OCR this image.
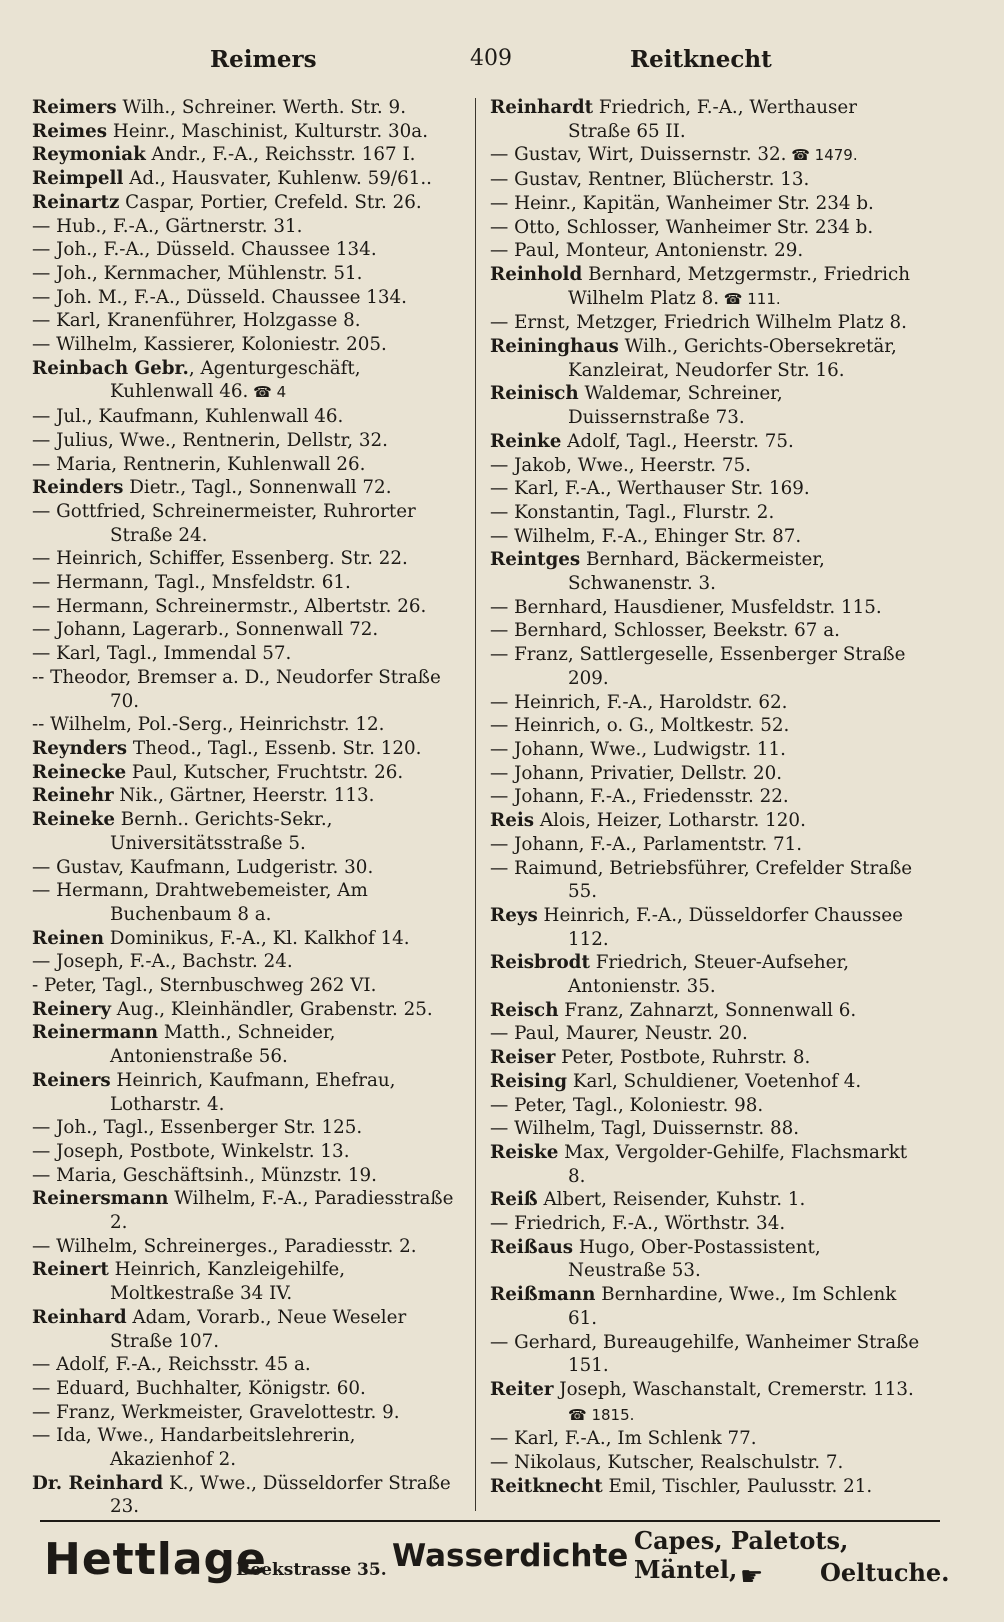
Reimers	409	Reitknecht

Reimers Wilh., Schreiner. Werth. Str. 9.

Reimes Heinr., Maschinist, Kulturstr. 30a.

Reymoniak Andr., F.-A., Reichsstr. 167 I.

Reimpell Ad., Hausvater, Kuhlenw. 59/61..

Reinartz Caspar, Portier, Crefeld. Str. 26.

— Hub., F.-A., Gärtnerstr. 31.

— Joh., F.-A., Düsseld. Chaussee 134.

— Joh., Kernmacher, Mühlenstr. 51.

— Joh. M., F.-A., Düsseld. Chaussee 134.

— Karl, Kranenführer, Holzgasse 8.

— Wilhelm, Kassierer, Koloniestr. 205.

Reinbach Gebr., Agenturgeschäft, Kuhlenwall 46. ☎ 4

— Jul., Kaufmann, Kuhlenwall 46.

— Julius, Wwe., Rentnerin, Dellstr, 32.

— Maria, Rentnerin, Kuhlenwall 26.

Reinders Dietr., Tagl., Sonnenwall 72.

— Gottfried, Schreinermeister, Ruhrorter Straße 24.

— Heinrich, Schiffer, Essenberg. Str. 22.

— Hermann, Tagl., Mnsfeldstr. 61.

— Hermann, Schreinermstr., Albertstr. 26.

— Johann, Lagerarb., Sonnenwall 72.

— Karl, Tagl., Immendal 57.

-- Theodor, Bremser a. D., Neudorfer Straße 70.

-- Wilhelm, Pol.-Serg., Heinrichstr. 12.

Reynders Theod., Tagl., Essenb. Str. 120.

Reinecke Paul, Kutscher, Fruchtstr. 26.

Reinehr Nik., Gärtner, Heerstr. 113.

Reineke Bernh.. Gerichts-Sekr., Universitätsstraße 5.

— Gustav, Kaufmann, Ludgeristr. 30.

— Hermann, Drahtwebemeister, Am Buchenbaum 8 a.

Reinen Dominikus, F.-A., Kl. Kalkhof 14.

— Joseph, F.-A., Bachstr. 24.

- Peter, Tagl., Sternbuschweg 262 VI.

Reinery Aug., Kleinhändler, Grabenstr. 25.

Reinermann Matth., Schneider, Antonienstraße 56.

Reiners Heinrich, Kaufmann, Ehefrau, Lotharstr. 4.

— Joh., Tagl., Essenberger Str. 125.

— Joseph, Postbote, Winkelstr. 13.

— Maria, Geschäftsinh., Münzstr. 19.

Reinersmann Wilhelm, F.-A., Paradiesstraße 2.

— Wilhelm, Schreinerges., Paradiesstr. 2.

Reinert Heinrich, Kanzleigehilfe, Moltkestraße 34 IV.

Reinhard Adam, Vorarb., Neue Weseler Straße 107.

— Adolf, F.-A., Reichsstr. 45 a.

— Eduard, Buchhalter, Königstr. 60.

— Franz, Werkmeister, Gravelottestr. 9.

— Ida, Wwe., Handarbeitslehrerin, Akazienhof 2.

Dr. Reinhard K., Wwe., Düsseldorfer Straße 23.

Reinhardt Friedrich, F.-A., Werthauser Straße 65 II.

— Gustav, Wirt, Duissernstr. 32. ☎ 1479.

— Gustav, Rentner, Blücherstr. 13.

— Heinr., Kapitän, Wanheimer Str. 234 b.

— Otto, Schlosser, Wanheimer Str. 234 b.

— Paul, Monteur, Antonienstr. 29.

Reinhold Bernhard, Metzgermstr., Friedrich Wilhelm Platz 8. ☎ 111.

— Ernst, Metzger, Friedrich Wilhelm Platz 8.

Reininghaus Wilh., Gerichts-Obersekretär, Kanzleirat, Neudorfer Str. 16.

Reinisch Waldemar, Schreiner, Duissernstraße 73.

Reinke Adolf, Tagl., Heerstr. 75.

— Jakob, Wwe., Heerstr. 75.

— Karl, F.-A., Werthauser Str. 169.

— Konstantin, Tagl., Flurstr. 2.

— Wilhelm, F.-A., Ehinger Str. 87.

Reintges Bernhard, Bäckermeister, Schwanenstr. 3.

— Bernhard, Hausdiener, Musfeldstr. 115.

— Bernhard, Schlosser, Beekstr. 67 a.

— Franz, Sattlergeselle, Essenberger Straße 209.

— Heinrich, F.-A., Haroldstr. 62.

— Heinrich, o. G., Moltkestr. 52.

— Johann, Wwe., Ludwigstr. 11.

— Johann, Privatier, Dellstr. 20.

— Johann, F.-A., Friedensstr. 22.

Reis Alois, Heizer, Lotharstr. 120.

— Johann, F.-A., Parlamentstr. 71.

— Raimund, Betriebsführer, Crefelder Straße 55.

Reys Heinrich, F.-A., Düsseldorfer Chaussee 112.

Reisbrodt Friedrich, Steuer-Aufseher, Antonienstr. 35.

Reisch Franz, Zahnarzt, Sonnenwall 6.

— Paul, Maurer, Neustr. 20.

Reiser Peter, Postbote, Ruhrstr. 8.

Reising Karl, Schuldiener, Voetenhof 4.

— Peter, Tagl., Koloniestr. 98.

— Wilhelm, Tagl, Duissernstr. 88.

Reiske Max, Vergolder-Gehilfe, Flachsmarkt 8.

Reiß Albert, Reisender, Kuhstr. 1.

— Friedrich, F.-A., Wörthstr. 34.

Reißaus Hugo, Ober-Postassistent, Neustraße 53.

Reißmann Bernhardine, Wwe., Im Schlenk 61.

— Gerhard, Bureaugehilfe, Wanheimer Straße 151.

Reiter Joseph, Waschanstalt, Cremerstr. 113. ☎ 1815.

— Karl, F.-A., Im Schlenk 77.

— Nikolaus, Kutscher, Realschulstr. 7.

Reitknecht Emil, Tischler, Paulusstr. 21.

Hettlage
Beekstrasse 35. Wasserdichte Capes, Paletots, Mäntel, ☛ Oeltuche.
